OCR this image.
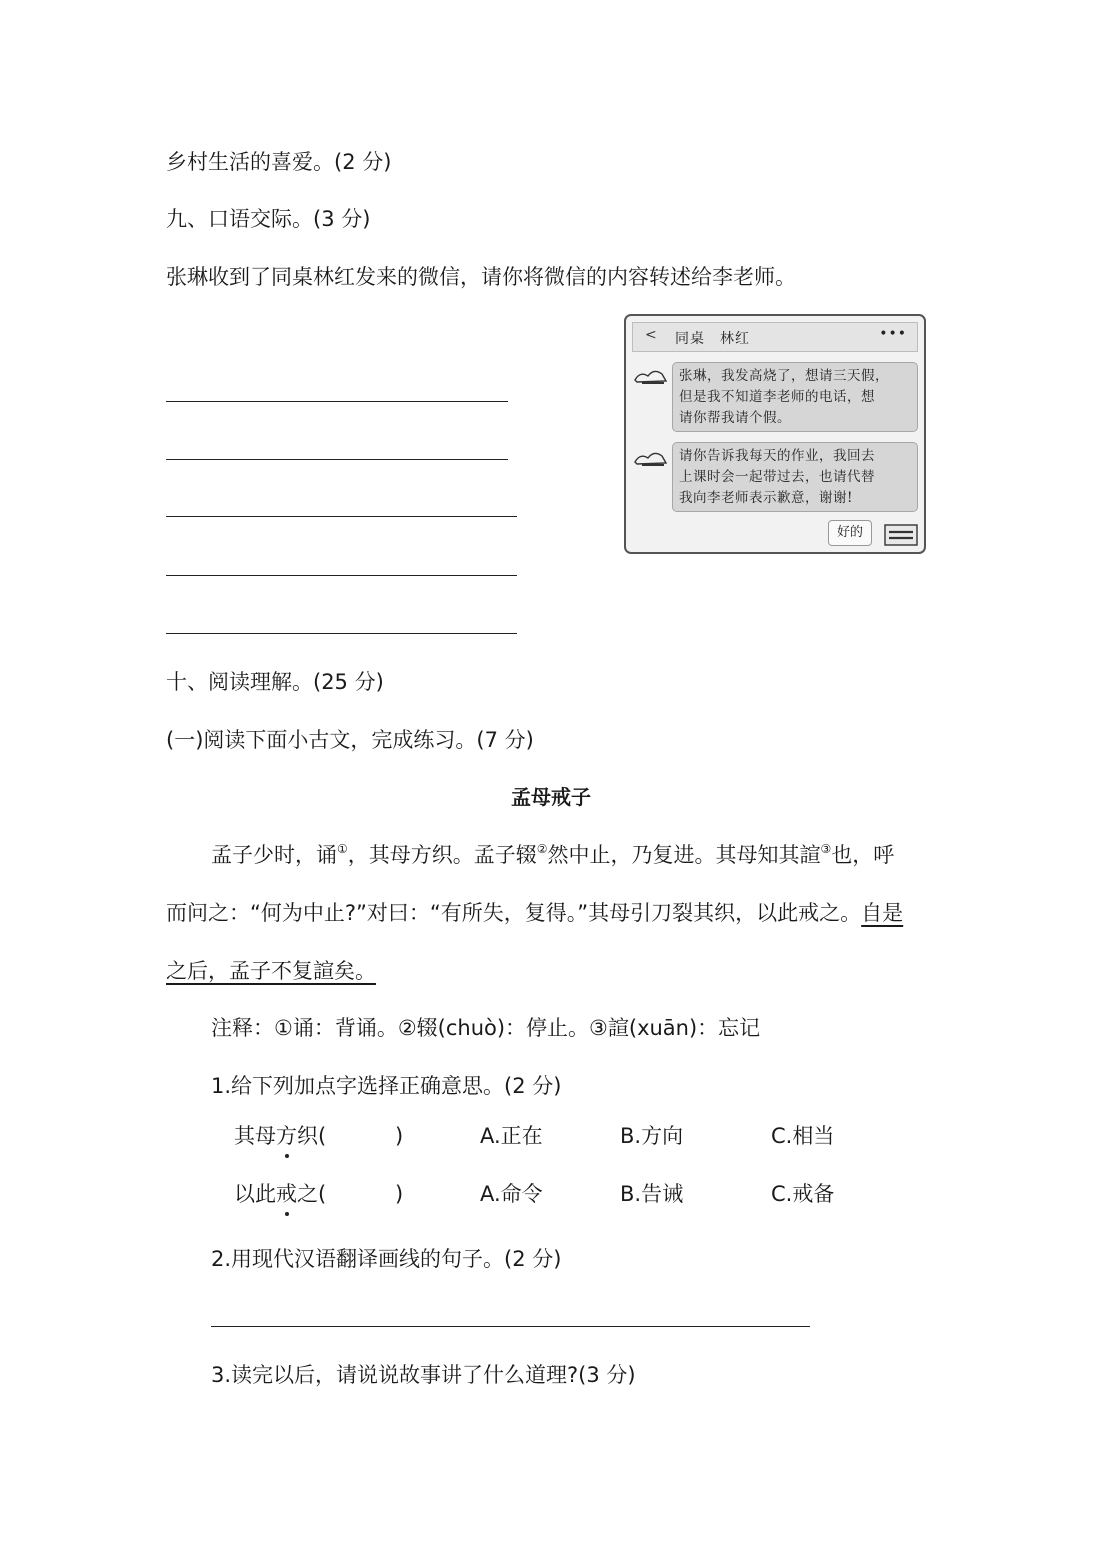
乡村生活的喜爱。(2 分)
九、口语交际。(3 分)
张琳收到了同桌林红发来的微信，请你将微信的内容转述给李老师。
< 同桌　林红	•••
张琳，我发高烧了，想请三天假，
但是我不知道李老师的电话，想
请你帮我请个假。
请你告诉我每天的作业，我回去
上课时会一起带过去，也请代替
我向李老师表示歉意，谢谢!
好的
十、阅读理解。(25 分)
(一)阅读下面小古文，完成练习。(7 分)
孟母戒子
孟子少时，诵①，其母方织。孟子辍②然中止，乃复进。其母知其諠③也，呼
而问之：“何为中止?”对曰：“有所失，复得。”其母引刀裂其织，以此戒之。自是
之后，孟子不复諠矣。
注释：①诵：背诵。②辍(chuò)：停止。③諠(xuān)：忘记
1.给下列加点字选择正确意思。(2 分)
其母方织(	)	A.正在	B.方向	C.相当
以此戒之(	)	A.命令	B.告诫	C.戒备
2.用现代汉语翻译画线的句子。(2 分)
3.读完以后，请说说故事讲了什么道理?(3 分)
